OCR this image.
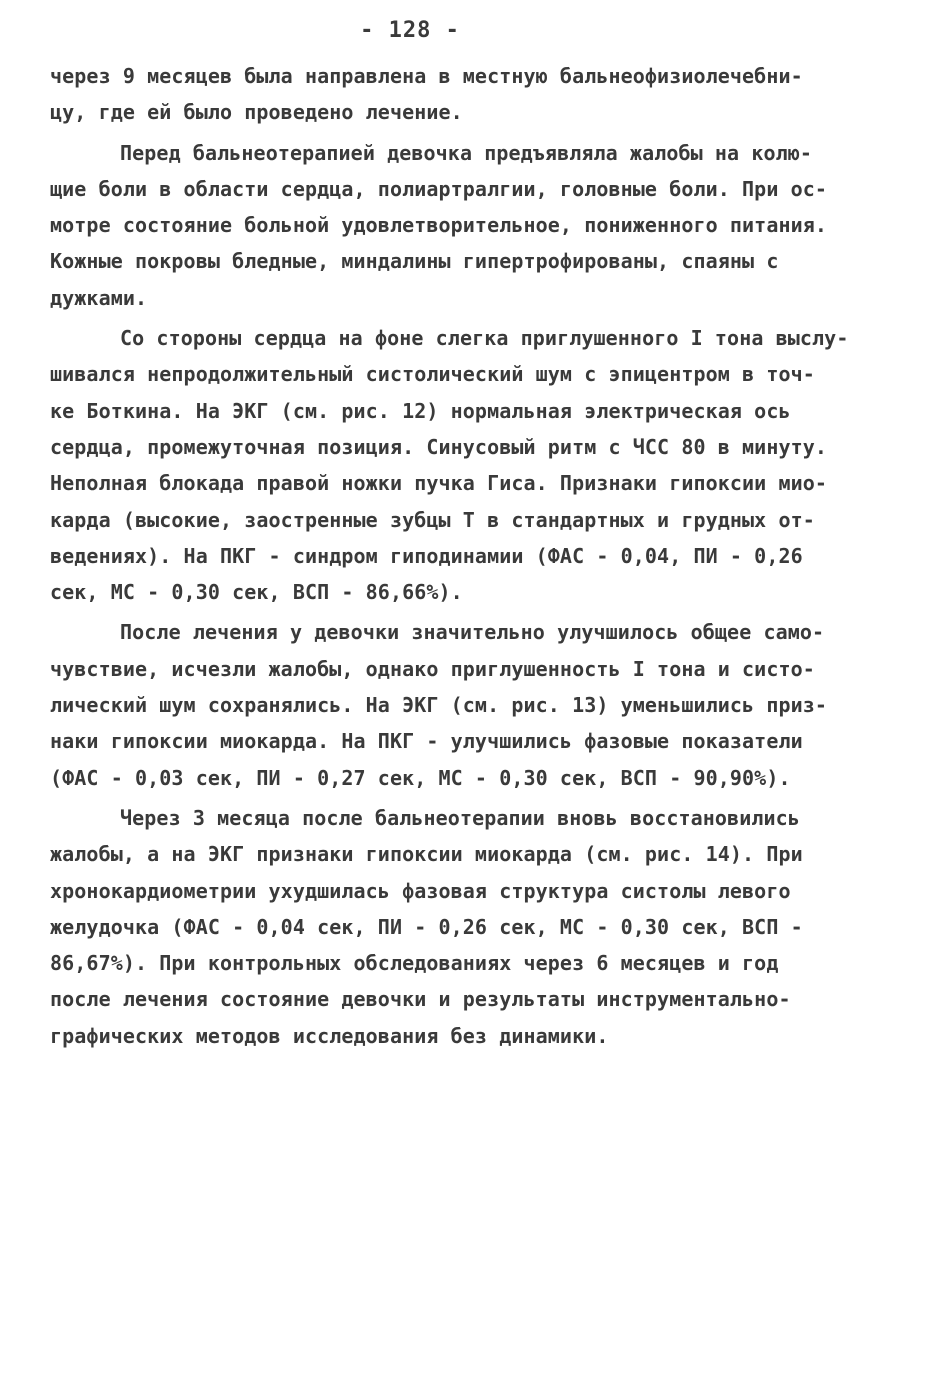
- 128 -
через 9 месяцев была направлена в местную бальнеофизиолечебни-
цу, где ей было проведено лечение.
Перед бальнеотерапией девочка предъявляла жалобы на колю-
щие боли в области сердца, полиартралгии, головные боли. При ос-
мотре состояние больной удовлетворительное, пониженного питания.
Кожные покровы бледные, миндалины гипертрофированы, спаяны с
дужками.
Со стороны сердца на фоне слегка приглушенного I тона выслу-
шивался непродолжительный систолический шум с эпицентром в точ-
ке Боткина. На ЭКГ (см. рис. 12) нормальная электрическая ось
сердца, промежуточная позиция. Синусовый ритм с ЧСС 80 в минуту.
Неполная блокада правой ножки пучка Гиса. Признаки гипоксии мио-
карда (высокие, заостренные зубцы Т в стандартных и грудных от-
ведениях). На ПКГ - синдром гиподинамии (ФАС - 0,04, ПИ - 0,26
сек, МС - 0,30 сек, ВСП - 86,66%).
После лечения у девочки значительно улучшилось общее само-
чувствие, исчезли жалобы, однако приглушенность I тона и систо-
лический шум сохранялись. На ЭКГ (см. рис. 13) уменьшились приз-
наки гипоксии миокарда. На ПКГ - улучшились фазовые показатели
(ФАС - 0,03 сек, ПИ - 0,27 сек, МС - 0,30 сек, ВСП - 90,90%).
Через 3 месяца после бальнеотерапии вновь восстановились
жалобы, а на ЭКГ признаки гипоксии миокарда (см. рис. 14). При
хронокардиометрии ухудшилась фазовая структура систолы левого
желудочка (ФАС - 0,04 сек, ПИ - 0,26 сек, МС - 0,30 сек, ВСП -
86,67%). При контрольных обследованиях через 6 месяцев и год
после лечения состояние девочки и результаты инструментально-
графических методов исследования без динамики.
